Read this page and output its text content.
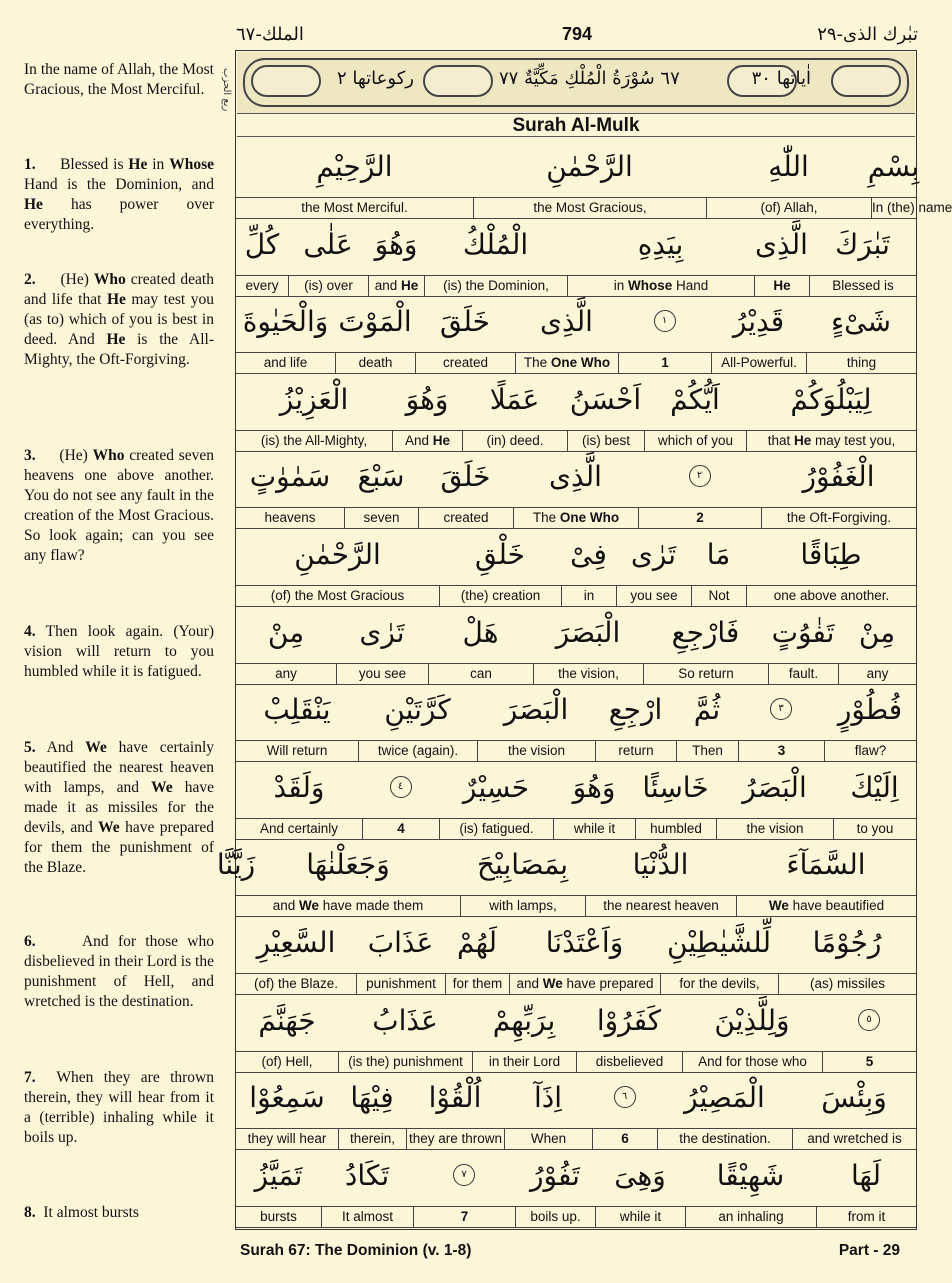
الملك-٦٧	794	تبٰرك الذى-٢٩
In the name of Allah, the Most Gracious, the Most Merciful.
1.     Blessed is He in Whose Hand is the Dominion, and He has power over everything.
2.     (He) Who created death and life that He may test you (as to) which of you is best in deed. And He is the All-Mighty, the Oft-Forgiving.
3.     (He) Who created seven heavens one above another. You do not see any fault in the creation of the Most Gracious. So look again; can you see any flaw?
4. Then look again. (Your) vision will return to you humbled while it is fatigued.
5. And We have certainly beautified the nearest heaven with lamps, and We have made it as missiles for the devils, and We have prepared for them the punishment of the Blaze.
6.     And for those who disbelieved in their Lord is the punishment of Hell, and wretched is the destination.
7.  When they are thrown therein, they will hear from it a (terrible) inhaling while it boils up.
8.  It almost bursts
ربع الحزب	ركوعاتها ٢	٦٧ سُوْرَةُ الْمُلْكِ مَكِّيَّةٌ ٧٧	اٰياتها ٣٠
Surah Al-Mulk
الرَّحِيْمِ	الرَّحْمٰنِ	اللّٰهِ بِسْمِ
the Most Merciful.	the Most Gracious,	(of) Allah,	In (the) name
كُلِّ عَلٰى وَهُوَ الْمُلْكُ	بِيَدِهِ	الَّذِى تَبٰرَكَ
every	(is) over	and He	(is) the Dominion,	in Whose Hand	He	Blessed is
وَالْحَيٰوةَ الْمَوْتَ خَلَقَ الَّذِى	١ قَدِيْرُ شَىْءٍ
and life	death	created	The One Who	1	All-Powerful.	thing
الْعَزِيْزُ وَهُوَ عَمَلًا اَحْسَنُ اَيُّكُمْ	لِيَبْلُوَكُمْ
(is) the All-Mighty,	And He	(in) deed.	(is) best	which of you	that He may test you,
سَمٰوٰتٍ سَبْعَ خَلَقَ الَّذِى	٢	الْغَفُوْرُ
heavens	seven	created	The One Who	2	the Oft-Forgiving.
الرَّحْمٰنِ	خَلْقِ فِىْ تَرٰى مَا	طِبَاقًا
(of) the Most Gracious	(the) creation	in	you see	Not	one above another.
مِنْ تَرٰى هَلْ الْبَصَرَ فَارْجِعِ تَفٰوُتٍ مِنْ
any	you see	can	the vision,	So return	fault.	any
يَنْقَلِبْ كَرَّتَيْنِ الْبَصَرَ ارْجِعِ ثُمَّ	٣ فُطُوْرٍ
Will return	twice (again).	the vision	return	Then	3	flaw?
وَلَقَدْ	٤ حَسِيْرٌ وَهُوَ خَاسِئًا الْبَصَرُ اِلَيْكَ
And certainly	4	(is) fatigued.	while it	humbled	the vision	to you
وَجَعَلْنٰهَا	بِمَصَابِيْحَ الدُّنْيَا	السَّمَآءَ
زَيَّنَّا
and We have made them	with lamps,	the nearest heaven	We have beautified
السَّعِيْرِ عَذَابَ لَهُمْ وَاَعْتَدْنَا لِّلشَّيٰطِيْنِ رُجُوْمًا
(of) the Blaze.	punishment	for them	and We have prepared	for the devils,	(as) missiles
جَهَنَّمَ عَذَابُ بِرَبِّهِمْ كَفَرُوْا وَلِلَّذِيْنَ	٥
(of) Hell,	(is the) punishment	in their Lord	disbelieved	And for those who	5
سَمِعُوْا فِيْهَا اُلْقُوْا اِذَآ	٦ الْمَصِيْرُ وَبِئْسَ
they will hear	therein,	they are thrown	When	6	the destination.	and wretched is
تَمَيَّزُ تَكَادُ	٧ تَفُوْرُ وَهِىَ شَهِيْقًا لَهَا
bursts	It almost	7	boils up.	while it	an inhaling	from it
Surah 67: The Dominion (v. 1-8)	Part - 29
